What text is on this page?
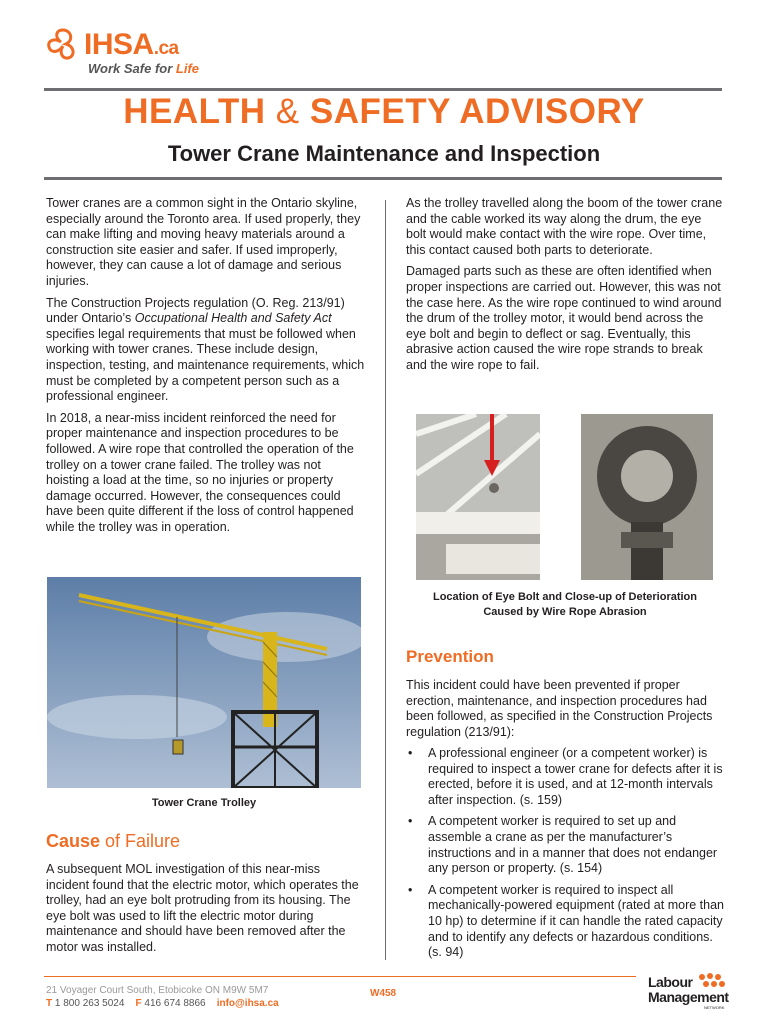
IHSA.ca
Work Safe for Life
HEALTH & SAFETY ADVISORY
Tower Crane Maintenance and Inspection

Tower cranes are a common sight in the Ontario skyline, especially around the Toronto area. If used properly, they can make lifting and moving heavy materials around a construction site easier and safer. If used improperly, however, they can cause a lot of damage and serious injuries.

The Construction Projects regulation (O. Reg. 213/91) under Ontario’s Occupational Health and Safety Act specifies legal requirements that must be followed when working with tower cranes. These include design, inspection, testing, and maintenance requirements, which must be completed by a competent person such as a professional engineer.

In 2018, a near-miss incident reinforced the need for proper maintenance and inspection procedures to be followed. A wire rope that controlled the operation of the trolley on a tower crane failed. The trolley was not hoisting a load at the time, so no injuries or property damage occurred. However, the consequences could have been quite different if the loss of control happened while the trolley was in operation.

Tower Crane Trolley
Cause of Failure
A subsequent MOL investigation of this near-miss incident found that the electric motor, which operates the trolley, had an eye bolt protruding from its housing. The eye bolt was used to lift the electric motor during maintenance and should have been removed after the motor was installed.

As the trolley travelled along the boom of the tower crane and the cable worked its way along the drum, the eye bolt would make contact with the wire rope. Over time, this contact caused both parts to deteriorate.

Damaged parts such as these are often identified when proper inspections are carried out. However, this was not the case here. As the wire rope continued to wind around the drum of the trolley motor, it would bend across the eye bolt and begin to deflect or sag. Eventually, this abrasive action caused the wire rope strands to break and the wire rope to fail.

Location of Eye Bolt and Close-up of Deterioration
Caused by Wire Rope Abrasion
Prevention
This incident could have been prevented if proper erection, maintenance, and inspection procedures had been followed, as specified in the Construction Projects regulation (213/91):
• A professional engineer (or a competent worker) is required to inspect a tower crane for defects after it is erected, before it is used, and at 12-month intervals after inspection. (s. 159)
• A competent worker is required to set up and assemble a crane as per the manufacturer’s instructions and in a manner that does not endanger any person or property. (s. 154)
• A competent worker is required to inspect all mechanically-powered equipment (rated at more than 10 hp) to determine if it can handle the rated capacity and to identify any defects or hazardous conditions. (s. 94)
21 Voyager Court South, Etobicoke ON M9W 5M7
T 1 800 263 5024 F 416 674 8866 info@ihsa.ca
W458
Labour
Management
NETWORK
